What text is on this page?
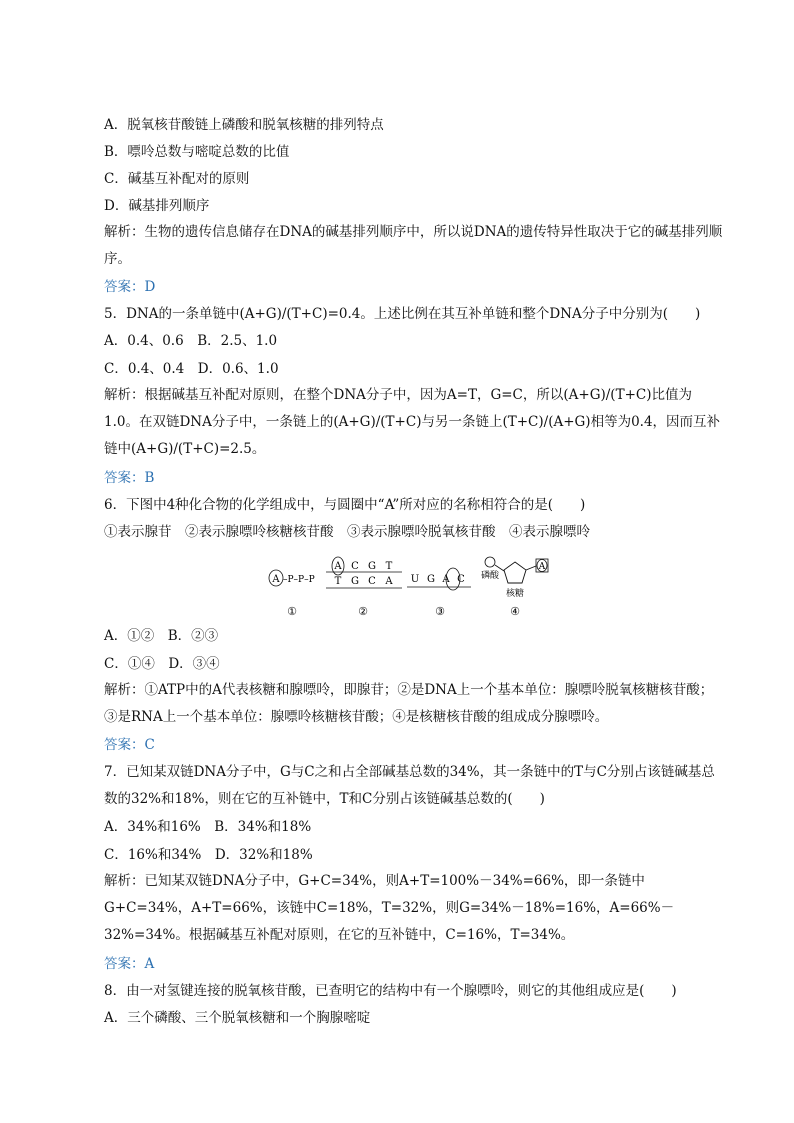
A．脱氧核苷酸链上磷酸和脱氧核糖的排列特点
B．嘌呤总数与嘧啶总数的比值
C．碱基互补配对的原则
D．碱基排列顺序
解析：生物的遗传信息储存在DNA的碱基排列顺序中，所以说DNA的遗传特异性取决于它的碱基排列顺序。
答案：D
5．DNA的一条单链中(A+G)/(T+C)=0.4。上述比例在其互补单链和整个DNA分子中分别为(　　)
A．0.4、0.6　B．2.5、1.0
C．0.4、0.4　D．0.6、1.0
解析：根据碱基互补配对原则，在整个DNA分子中，因为A=T，G=C，所以(A+G)/(T+C)比值为1.0。在双链DNA分子中，一条链上的(A+G)/(T+C)与另一条链上(T+C)/(A+G)相等为0.4，因而互补链中(A+G)/(T+C)=2.5。
答案：B
6．下图中4种化合物的化学组成中，与圆圈中“A”所对应的名称相符合的是(　　)
①表示腺苷　②表示腺嘌呤核糖核苷酸　③表示腺嘌呤脱氧核苷酸　④表示腺嘌呤
A –P–P–P
①
A C G T
T G C A
②
U G A C
③
磷酸
核糖
A
④
A．①②　B．②③
C．①④　D．③④
解析：①ATP中的A代表核糖和腺嘌呤，即腺苷；②是DNA上一个基本单位：腺嘌呤脱氧核糖核苷酸；③是RNA上一个基本单位：腺嘌呤核糖核苷酸；④是核糖核苷酸的组成成分腺嘌呤。
答案：C
7．已知某双链DNA分子中，G与C之和占全部碱基总数的34%，其一条链中的T与C分别占该链碱基总数的32%和18%，则在它的互补链中，T和C分别占该链碱基总数的(　　)
A．34%和16%　B．34%和18%
C．16%和34%　D．32%和18%
解析：已知某双链DNA分子中，G+C=34%，则A+T=100%－34%=66%，即一条链中G+C=34%，A+T=66%，该链中C=18%，T=32%，则G=34%－18%=16%，A=66%－32%=34%。根据碱基互补配对原则，在它的互补链中，C=16%，T=34%。
答案：A
8．由一对氢键连接的脱氧核苷酸，已查明它的结构中有一个腺嘌呤，则它的其他组成应是(　　)
A．三个磷酸、三个脱氧核糖和一个胸腺嘧啶
